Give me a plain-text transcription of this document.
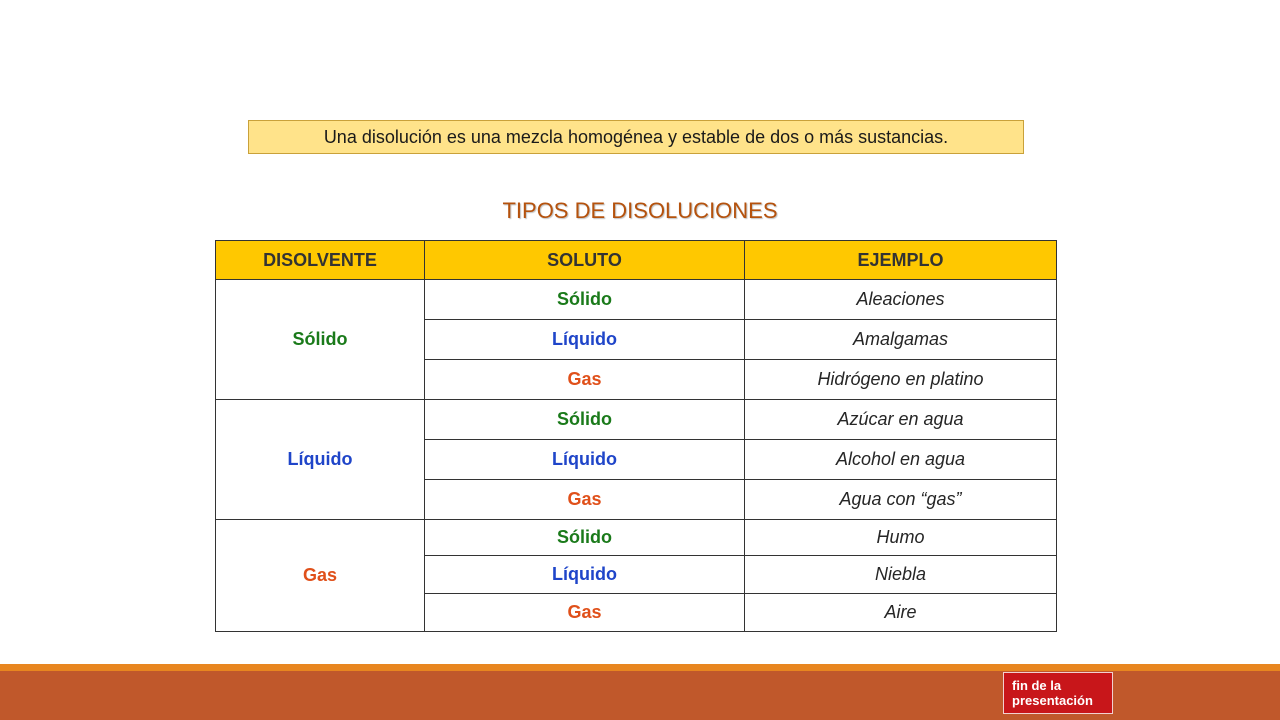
Una disolución es una mezcla homogénea y estable de dos o más sustancias.
TIPOS DE DISOLUCIONES
DISOLVENTE	SOLUTO	EJEMPLO
Sólido	Sólido	Aleaciones
	Líquido	Amalgamas
	Gas	Hidrógeno en platino
Líquido	Sólido	Azúcar en agua
	Líquido	Alcohol en agua
	Gas	Agua con “gas”
Gas	Sólido	Humo
	Líquido	Niebla
	Gas	Aire
fin de la
presentación
